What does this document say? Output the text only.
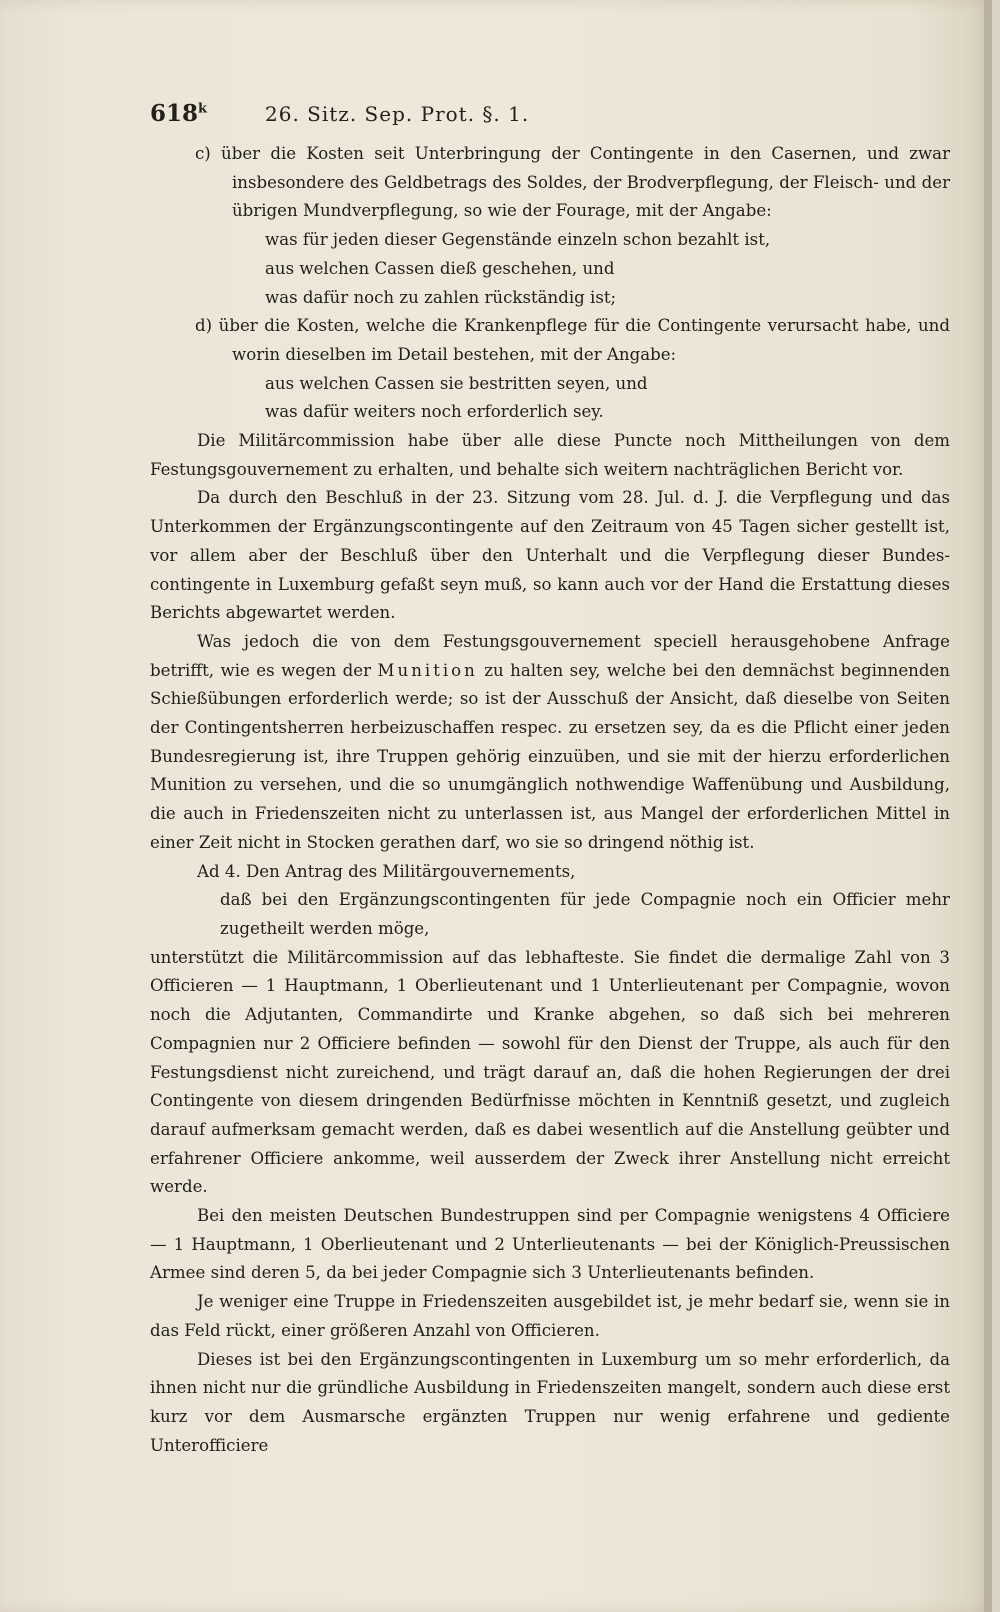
618$^k$	26. Sitz. Sep. Prot. §. 1.

c) über die Kosten seit Unterbringung der Contingente in den Casernen, und zwar insbesondere des Geldbetrags des Soldes, der Brodverpflegung, der Fleisch- und der übrigen Mundverpflegung, so wie der Fourage, mit der Angabe:

was für jeden dieser Gegenstände einzeln schon bezahlt ist,

aus welchen Cassen dieß geschehen, und

was dafür noch zu zahlen rückständig ist;

d) über die Kosten, welche die Krankenpflege für die Contingente verursacht habe, und worin dieselben im Detail bestehen, mit der Angabe:

aus welchen Cassen sie bestritten seyen, und

was dafür weiters noch erforderlich sey.

Die Militärcommission habe über alle diese Puncte noch Mittheilungen von dem Festungsgouvernement zu erhalten, und behalte sich weitern nachträglichen Bericht vor.

Da durch den Beschluß in der 23. Sitzung vom 28. Jul. d. J. die Verpflegung und das Unterkommen der Ergänzungscontingente auf den Zeitraum von 45 Tagen sicher gestellt ist, vor allem aber der Beschluß über den Unterhalt und die Verpflegung dieser Bundes-contingente in Luxemburg gefaßt seyn muß, so kann auch vor der Hand die Erstattung dieses Berichts abgewartet werden.

Was jedoch die von dem Festungsgouvernement speciell herausgehobene Anfrage betrifft, wie es wegen der Munition zu halten sey, welche bei den demnächst beginnenden Schießübungen erforderlich werde; so ist der Ausschuß der Ansicht, daß dieselbe von Seiten der Contingentsherren herbeizuschaffen respec. zu ersetzen sey, da es die Pflicht einer jeden Bundesregierung ist, ihre Truppen gehörig einzuüben, und sie mit der hierzu erforderlichen Munition zu versehen, und die so unumgänglich nothwendige Waffenübung und Ausbildung, die auch in Friedenszeiten nicht zu unterlassen ist, aus Mangel der erforderlichen Mittel in einer Zeit nicht in Stocken gerathen darf, wo sie so dringend nöthig ist.

Ad 4. Den Antrag des Militärgouvernements,

daß bei den Ergänzungscontingenten für jede Compagnie noch ein Officier mehr zugetheilt werden möge,

unterstützt die Militärcommission auf das lebhafteste. Sie findet die dermalige Zahl von 3 Officieren — 1 Hauptmann, 1 Oberlieutenant und 1 Unterlieutenant per Compagnie, wovon noch die Adjutanten, Commandirte und Kranke abgehen, so daß sich bei mehreren Compagnien nur 2 Officiere befinden — sowohl für den Dienst der Truppe, als auch für den Festungsdienst nicht zureichend, und trägt darauf an, daß die hohen Regierungen der drei Contingente von diesem dringenden Bedürfnisse möchten in Kenntniß gesetzt, und zugleich darauf aufmerksam gemacht werden, daß es dabei wesentlich auf die Anstellung geübter und erfahrener Officiere ankomme, weil ausserdem der Zweck ihrer Anstellung nicht erreicht werde.

Bei den meisten Deutschen Bundestruppen sind per Compagnie wenigstens 4 Officiere — 1 Hauptmann, 1 Oberlieutenant und 2 Unterlieutenants — bei der Königlich-Preussischen Armee sind deren 5, da bei jeder Compagnie sich 3 Unterlieutenants befinden.

Je weniger eine Truppe in Friedenszeiten ausgebildet ist, je mehr bedarf sie, wenn sie in das Feld rückt, einer größeren Anzahl von Officieren.

Dieses ist bei den Ergänzungscontingenten in Luxemburg um so mehr erforderlich, da ihnen nicht nur die gründliche Ausbildung in Friedenszeiten mangelt, sondern auch diese erst kurz vor dem Ausmarsche ergänzten Truppen nur wenig erfahrene und gediente Unterofficiere
